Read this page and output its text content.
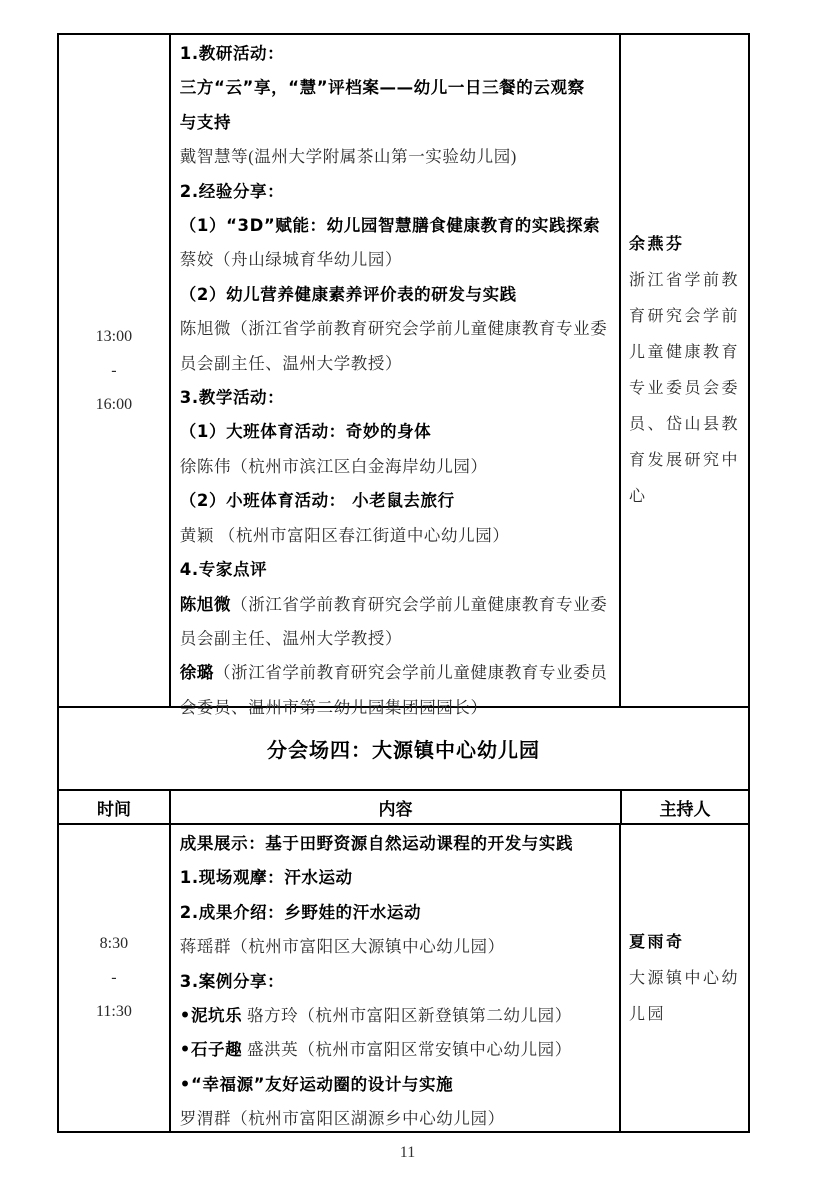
13:00
-
16:00
1.教研活动：
三方“云”享，“慧”评档案——幼儿一日三餐的云观察
与支持
戴智慧等(温州大学附属茶山第一实验幼儿园)
2.经验分享：
（1）“3D”赋能：幼儿园智慧膳食健康教育的实践探索
蔡姣（舟山绿城育华幼儿园）
（2）幼儿营养健康素养评价表的研发与实践
陈旭微（浙江省学前教育研究会学前儿童健康教育专业委
员会副主任、温州大学教授）
3.教学活动：
（1）大班体育活动：奇妙的身体
徐陈伟（杭州市滨江区白金海岸幼儿园）
（2）小班体育活动： 小老鼠去旅行
黄颖 （杭州市富阳区春江街道中心幼儿园）
4.专家点评
陈旭微（浙江省学前教育研究会学前儿童健康教育专业委
员会副主任、温州大学教授）
徐璐（浙江省学前教育研究会学前儿童健康教育专业委员
会委员、温州市第二幼儿园集团园园长）
余燕芬
浙江省学前教
育研究会学前
儿童健康教育
专业委员会委
员、岱山县教
育发展研究中
心
分会场四：大源镇中心幼儿园
时间	内容	主持人
8:30
-
11:30
成果展示：基于田野资源自然运动课程的开发与实践
1.现场观摩：汗水运动
2.成果介绍：乡野娃的汗水运动
蒋瑶群（杭州市富阳区大源镇中心幼儿园）
3.案例分享：
•泥坑乐 骆方玲（杭州市富阳区新登镇第二幼儿园）
•石子趣 盛洪英（杭州市富阳区常安镇中心幼儿园）
•“幸福源”友好运动圈的设计与实施
罗渭群（杭州市富阳区湖源乡中心幼儿园）
夏雨奇
大源镇中心幼
儿园
11
